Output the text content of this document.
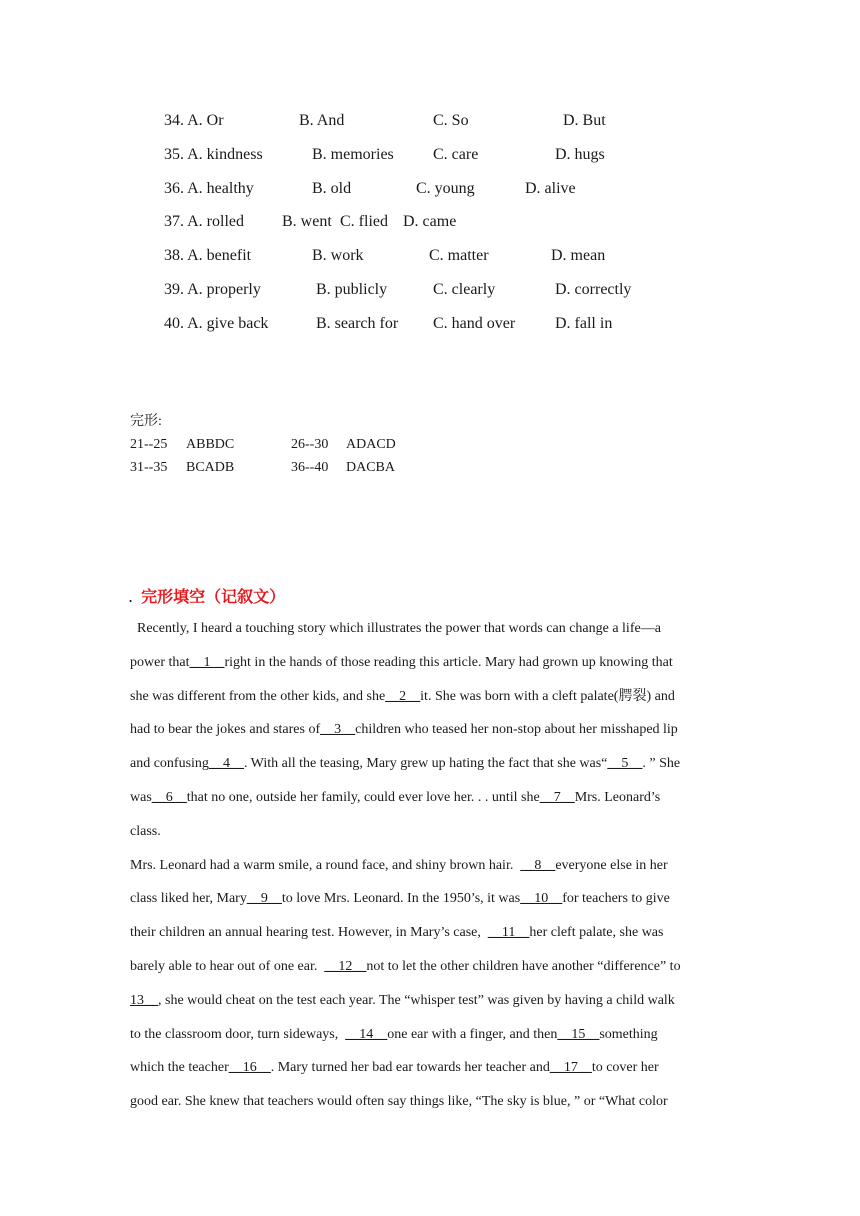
34. A. Or	B. And	C. So	D. But
35. A. kindness	B. memories C. care	D. hugs
36. A. healthy	B. old	C. young	D. alive
37. A. rolled B. went C. flied D. came
38. A. benefit	B. work	C. matter	D. mean
39. A. properly	B. publicly	C. clearly	D. correctly
40. A. give back	B. search for C. hand over D. fall in
完形:
21--25 ABBDC	26--30 ADACD
31--35 BCADB	36--40 DACBA
. 完形填空（记叙文）
Recently, I heard a touching story which illustrates the power that words can change a life—a
power that__1__right in the hands of those reading this article. Mary had grown up knowing that
she was different from the other kids, and she__2__it. She was born with a cleft palate(腭裂) and
had to bear the jokes and stares of__3__children who teased her non-stop about her misshaped lip
and confusing__4__. With all the teasing, Mary grew up hating the fact that she was“__5__. ” She
was__6__that no one, outside her family, could ever love her. . . until she__7__Mrs. Leonard’s
class.
Mrs. Leonard had a warm smile, a round face, and shiny brown hair.  __8__everyone else in her
class liked her, Mary__9__to love Mrs. Leonard. In the 1950’s, it was__10__for teachers to give
their children an annual hearing test. However, in Mary’s case,  __11__her cleft palate, she was
barely able to hear out of one ear.  __12__not to let the other children have another “difference” to
13__, she would cheat on the test each year. The “whisper test” was given by having a child walk
to the classroom door, turn sideways,  __14__one ear with a finger, and then__15__something
which the teacher__16__. Mary turned her bad ear towards her teacher and__17__to cover her
good ear. She knew that teachers would often say things like, “The sky is blue, ” or “What color
